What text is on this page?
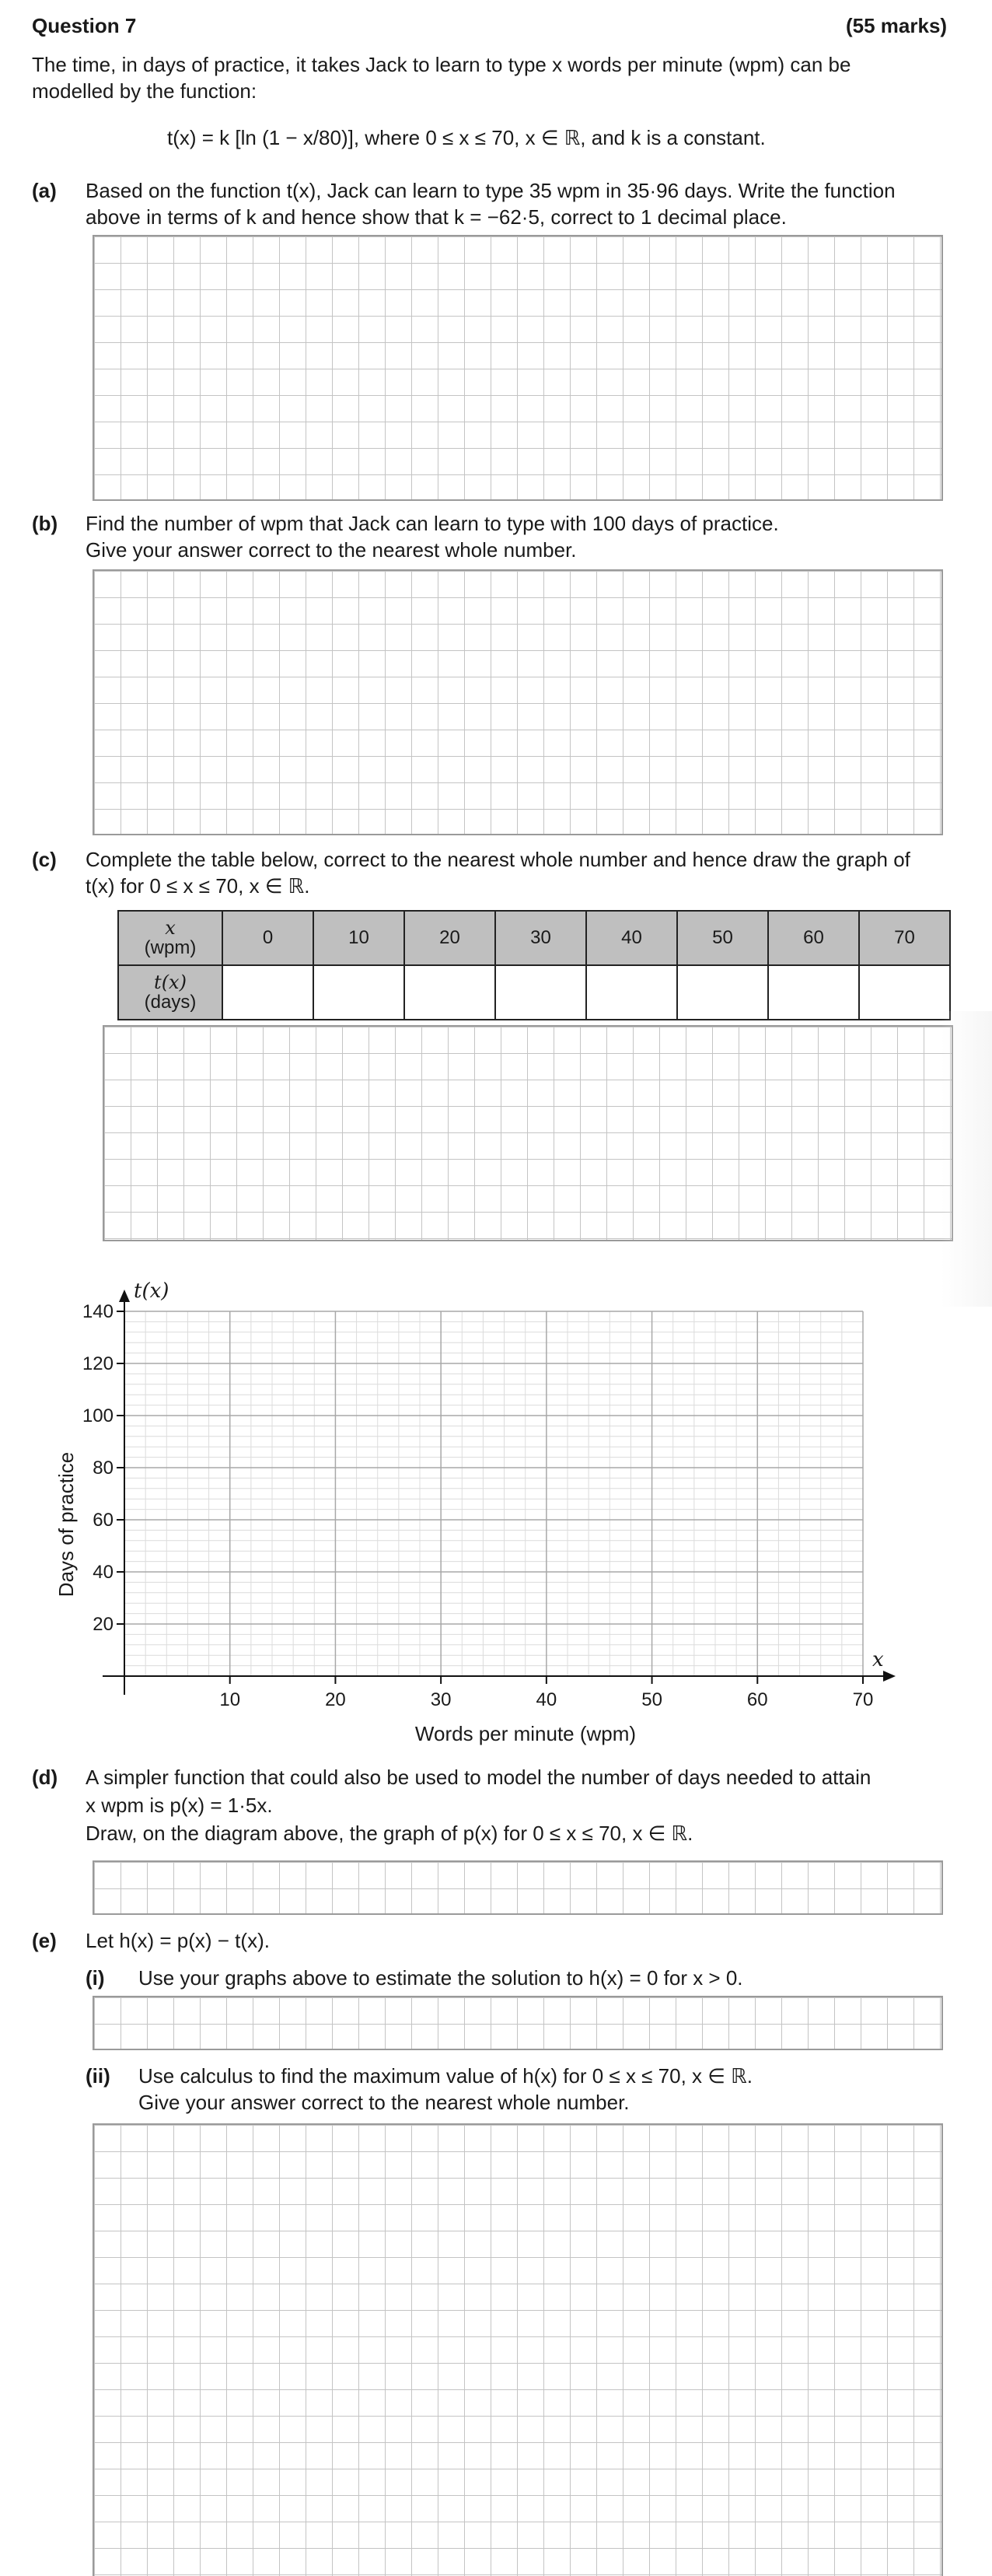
Question 7	(55 marks)
The time, in days of practice, it takes Jack to learn to type x words per minute (wpm) can be
modelled by the function:
t(x) = k [ln (1 − x/80)], where 0 ≤ x ≤ 70, x ∈ ℝ, and k is a constant.
(a) Based on the function t(x), Jack can learn to type 35 wpm in 35·96 days. Write the function
above in terms of k and hence show that k = −62·5, correct to 1 decimal place.
(b) Find the number of wpm that Jack can learn to type with 100 days of practice.
Give your answer correct to the nearest whole number.
(c) Complete the table below, correct to the nearest whole number and hence draw the graph of
t(x) for 0 ≤ x ≤ 70, x ∈ ℝ.
x
(wpm)	0	10	20	30	40	50	60	70

t(x)
(days)								

10	20	30	40	50	60	70
20
40
60
80
100
120
140
Words per minute (wpm)
Days of practice
t(x)
x
(d) A simpler function that could also be used to model the number of days needed to attain
x wpm is p(x) = 1·5x.
Draw, on the diagram above, the graph of p(x) for 0 ≤ x ≤ 70, x ∈ ℝ.
(e) Let h(x) = p(x) − t(x).
(i) Use your graphs above to estimate the solution to h(x) = 0 for x > 0.
(ii) Use calculus to find the maximum value of h(x) for 0 ≤ x ≤ 70, x ∈ ℝ.
Give your answer correct to the nearest whole number.
